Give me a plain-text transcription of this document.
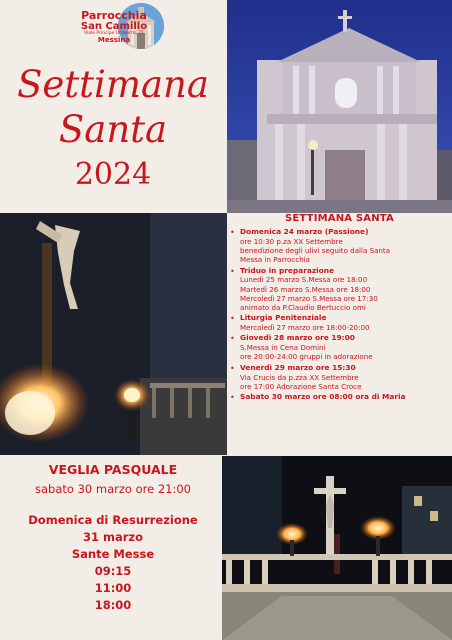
Parrocchia
San Camillo
Viale Principe Umberto, 71
Messina
Settimana
Santa
2024
SETTIMANA SANTA
• Domenica 24 marzo (Passione)
ore 10:30 p.za XX Settembre
benedizione degli ulivi seguito dalla Santa
Messa in Parrocchia
• Triduo in preparazione
Lunedì 25 marzo S.Messa ore 18:00
Martedì 26 marzo S.Messa ore 18:00
Mercoledì 27 marzo S.Messa ore 17:30
animato da P.Claudio Bertuccio omi
• Liturgia Penitenziale
Mercoledì 27 marzo ore 18:00-20:00
• Giovedì 28 marzo ore 19:00
S.Messa in Cena Domini
ore 20:00-24:00 gruppi in adorazione
• Venerdì 29 marzo ore 15:30
Via Crucis da p.zza XX Settembre
ore 17:00 Adorazione Santa Croce
• Sabato 30 marzo ore 08:00 ora di Maria
VEGLIA PASQUALE
sabato 30 marzo ore 21:00
Domenica di Resurrezione
31 marzo
Sante Messe
09:15
11:00
18:00
